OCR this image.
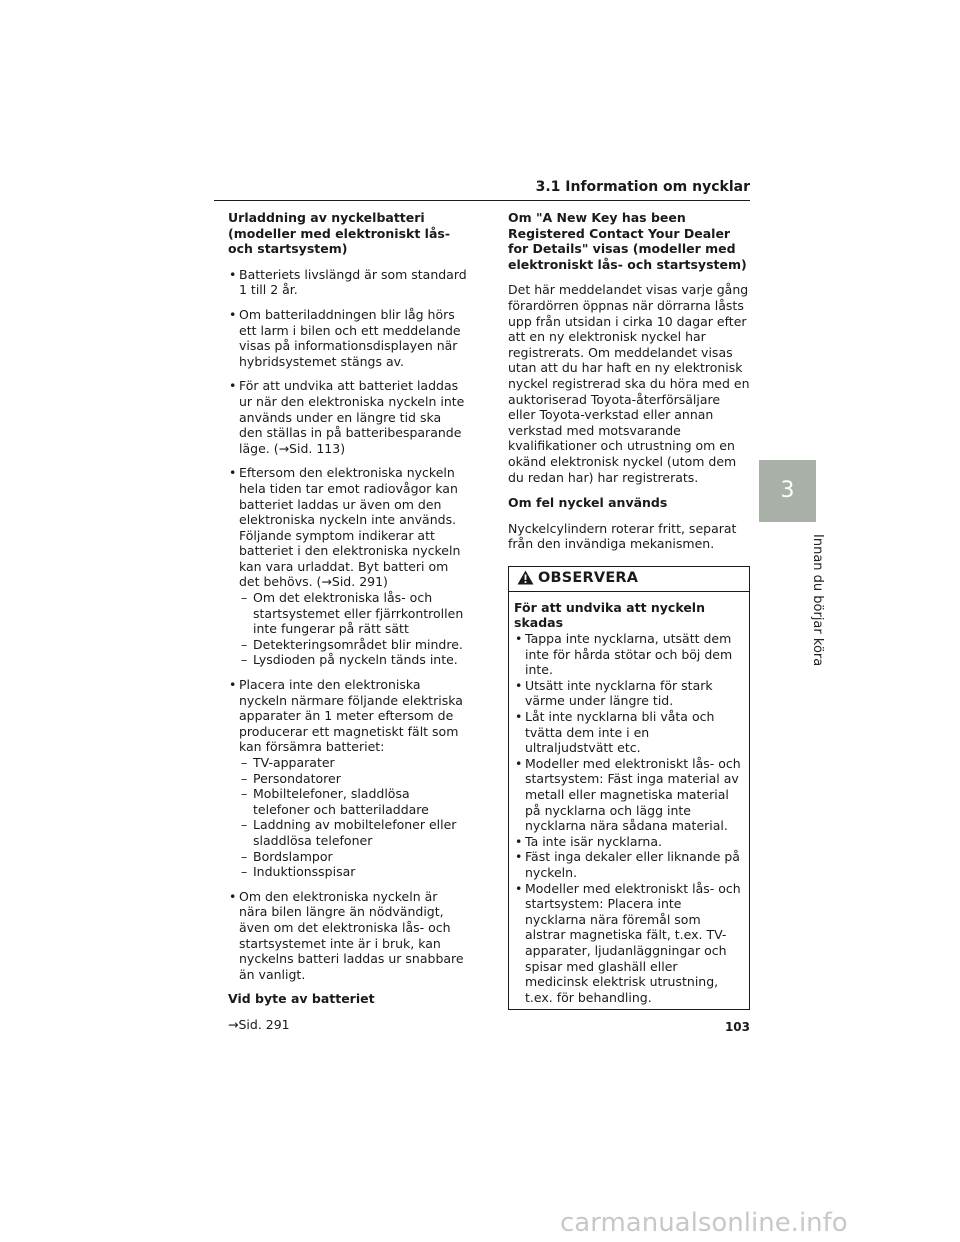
3.1 Information om nycklar
3
Innan du börjar köra
Urladdning av nyckelbatteri (modeller med elektroniskt lås- och startsystem)
• Batteriets livslängd är som standard 1 till 2 år.
• Om batteriladdningen blir låg hörs ett larm i bilen och ett meddelande visas på informationsdisplayen när hybridsystemet stängs av.
• För att undvika att batteriet laddas ur när den elektroniska nyckeln inte används under en längre tid ska den ställas in på batteribesparande läge. (→Sid. 113)
• Eftersom den elektroniska nyckeln hela tiden tar emot radiovågor kan batteriet laddas ur även om den elektroniska nyckeln inte används. Följande symptom indikerar att batteriet i den elektroniska nyckeln kan vara urladdat. Byt batteri om det behövs. (→Sid. 291)
– Om det elektroniska lås- och startsystemet eller fjärrkontrollen inte fungerar på rätt sätt
– Detekteringsområdet blir mindre.
– Lysdioden på nyckeln tänds inte.
• Placera inte den elektroniska nyckeln närmare följande elektriska apparater än 1 meter eftersom de producerar ett magnetiskt fält som kan försämra batteriet:
– TV-apparater
– Persondatorer
– Mobiltelefoner, sladdlösa telefoner och batteriladdare
– Laddning av mobiltelefoner eller sladdlösa telefoner
– Bordslampor
– Induktionsspisar
• Om den elektroniska nyckeln är nära bilen längre än nödvändigt, även om det elektroniska lås- och startsystemet inte är i bruk, kan nyckelns batteri laddas ur snabbare än vanligt.
Vid byte av batteriet

→Sid. 291

Om "A New Key has been Registered Contact Your Dealer for Details" visas (modeller med elektroniskt lås- och startsystem)

Det här meddelandet visas varje gång förardörren öppnas när dörrarna låsts upp från utsidan i cirka 10 dagar efter att en ny elektronisk nyckel har registrerats. Om meddelandet visas utan att du har haft en ny elektronisk nyckel registrerad ska du höra med en auktoriserad Toyota-återförsäljare eller Toyota-verkstad eller annan verkstad med motsvarande kvalifikationer och utrustning om en okänd elektronisk nyckel (utom dem du redan har) har registrerats.

Om fel nyckel används

Nyckelcylindern roterar fritt, separat från den invändiga mekanismen.

OBSERVERA
För att undvika att nyckeln skadas
• Tappa inte nycklarna, utsätt dem inte för hårda stötar och böj dem inte.
• Utsätt inte nycklarna för stark värme under längre tid.
• Låt inte nycklarna bli våta och tvätta dem inte i en ultraljudstvätt etc.
• Modeller med elektroniskt lås- och startsystem: Fäst inga material av metall eller magnetiska material på nycklarna och lägg inte nycklarna nära sådana material.
• Ta inte isär nycklarna.
• Fäst inga dekaler eller liknande på nyckeln.
• Modeller med elektroniskt lås- och startsystem: Placera inte nycklarna nära föremål som alstrar magnetiska fält, t.ex. TV-apparater, ljudanläggningar och spisar med glashäll eller medicinsk elektrisk utrustning, t.ex. för behandling.
103
carmanualsonline.info
